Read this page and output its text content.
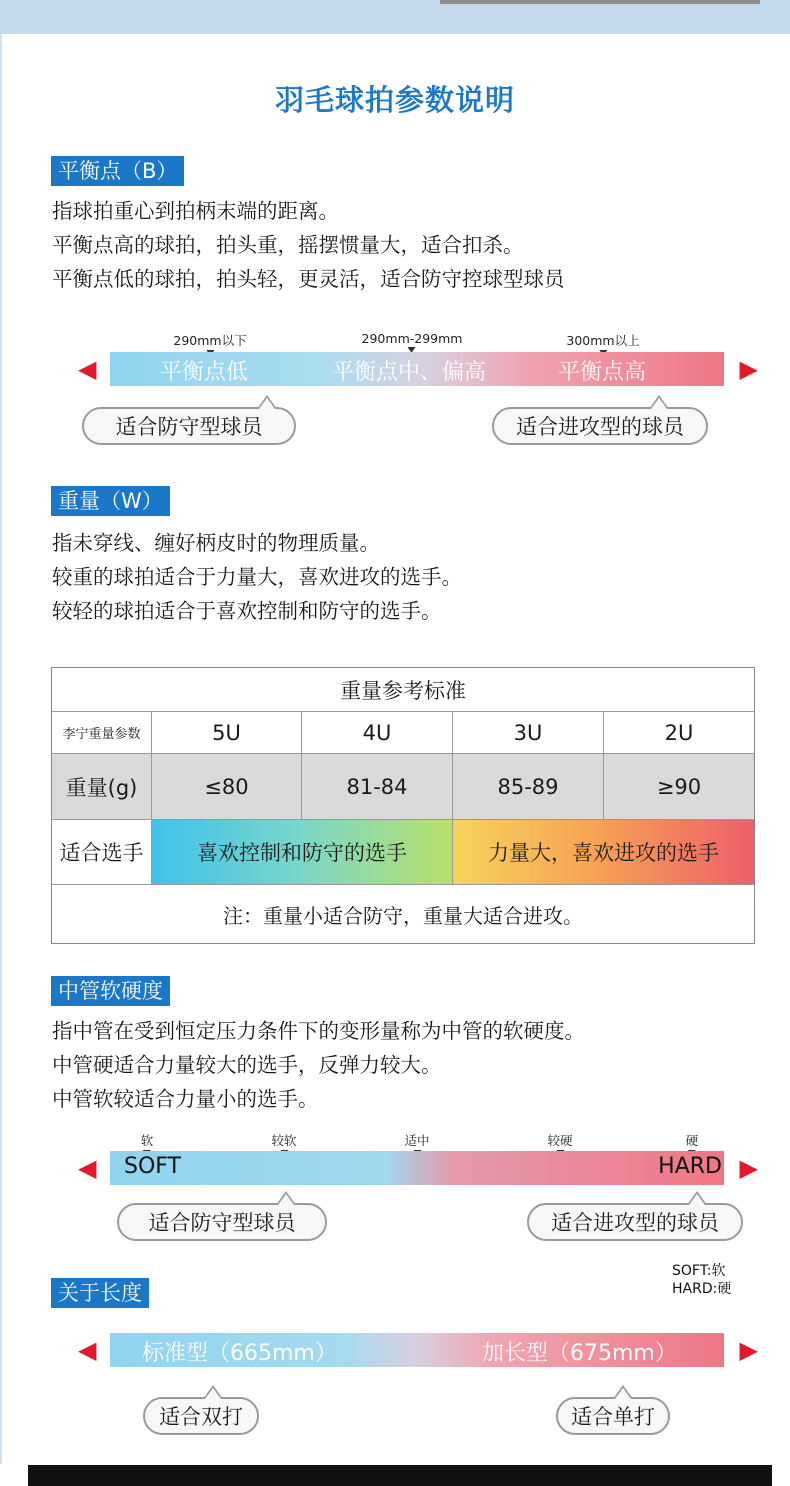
羽毛球拍参数说明
平衡点（B）
指球拍重心到拍柄末端的距离。
平衡点高的球拍，拍头重，摇摆惯量大，适合扣杀。
平衡点低的球拍，拍头轻，更灵活，适合防守控球型球员
290mm以下	290mm-299mm	300mm以上
◀	平衡点低	平衡点中、偏高	平衡点高	▶
适合防守型球员	适合进攻型的球员
重量（W）
指未穿线、缠好柄皮时的物理质量。
较重的球拍适合于力量大，喜欢进攻的选手。
较轻的球拍适合于喜欢控制和防守的选手。
重量参考标准
李宁重量参数	5U	4U	3U	2U
重量(g)	≤80	81-84	85-89	≥90
适合选手	喜欢控制和防守的选手	力量大，喜欢进攻的选手
注：重量小适合防守，重量大适合进攻。
中管软硬度
指中管在受到恒定压力条件下的变形量称为中管的软硬度。
中管硬适合力量较大的选手，反弹力较大。
中管软较适合力量小的选手。
软	较软	适中	较硬	硬
◀ SOFT	HARD ▶
适合防守型球员	适合进攻型的球员
SOFT:软
HARD:硬
关于长度
◀ 标准型（665mm）	加长型（675mm）	▶
适合双打	适合单打
